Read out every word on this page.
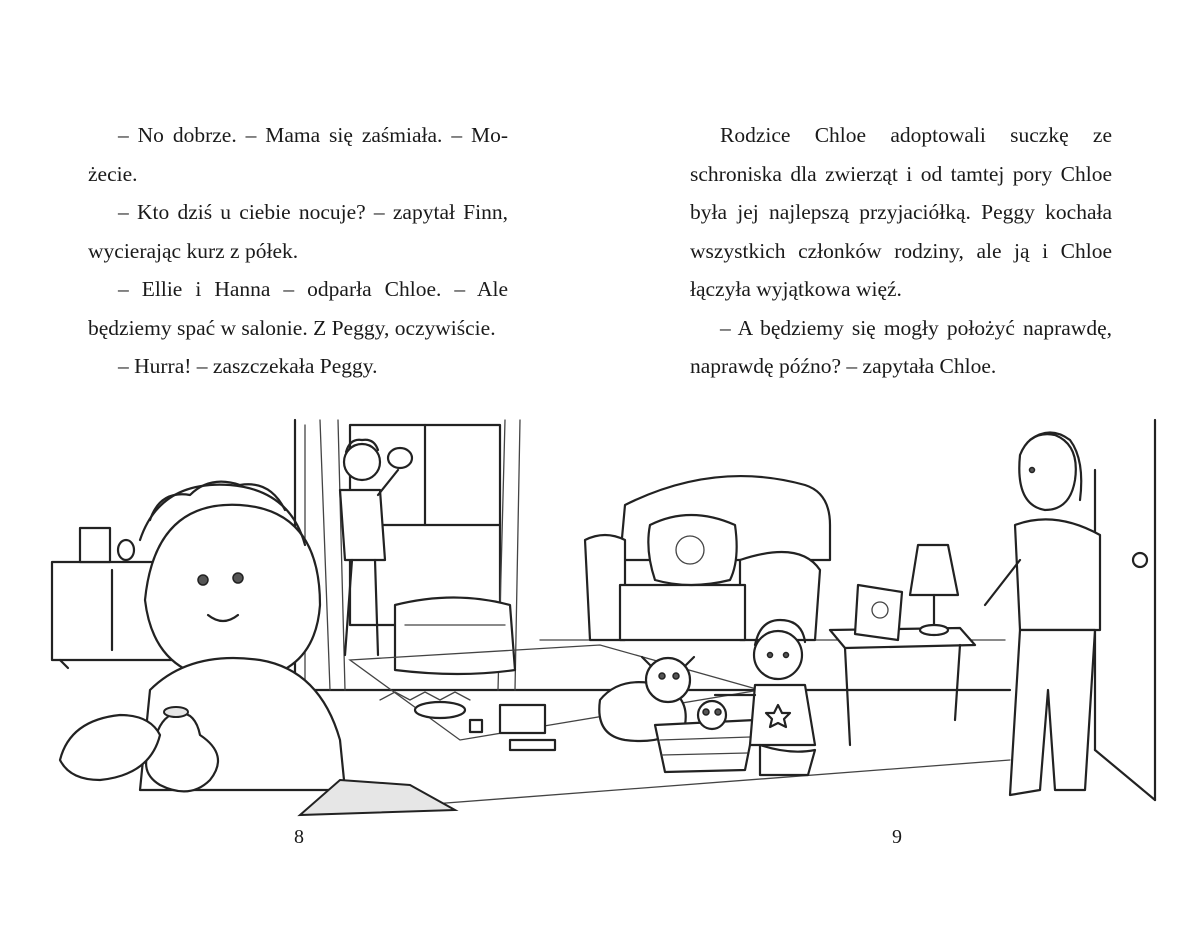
– No dobrze. – Mama się zaśmiała. – Mo-żecie.

– Kto dziś u ciebie nocuje? – zapytał Finn, wycierając kurz z półek.

– Ellie i Hanna – odparła Chloe. – Ale będziemy spać w salonie. Z Peggy, oczywiście.

– Hurra! – zaszczekała Peggy.

8

Rodzice Chloe adoptowali suczkę ze schroniska dla zwierząt i od tamtej pory Chloe była jej najlepszą przyjaciółką. Peggy kochała wszystkich członków rodziny, ale ją i Chloe łączyła wyjątkowa więź.

– A będziemy się mogły położyć naprawdę, naprawdę późno? – zapytała Chloe.

9
